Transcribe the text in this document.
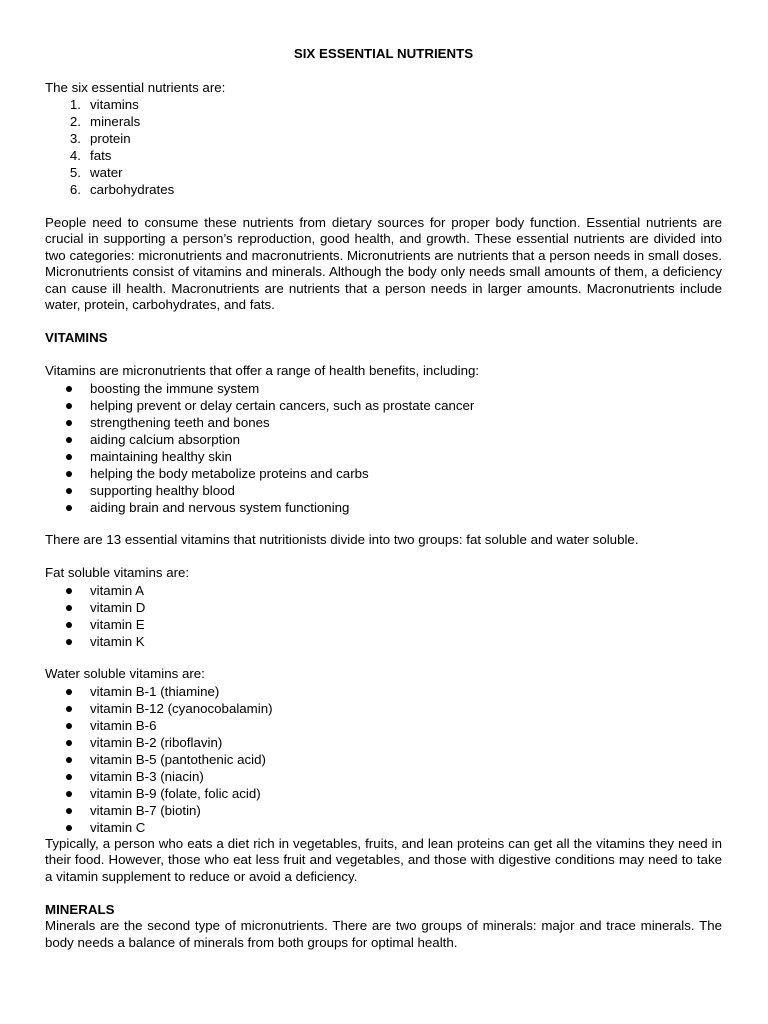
SIX ESSENTIAL NUTRIENTS

The six essential nutrients are:

1. vitamins
2. minerals
3. protein
4. fats
5. water
6. carbohydrates

People need to consume these nutrients from dietary sources for proper body function. Essential nutrients are crucial in supporting a person’s reproduction, good health, and growth. These essential nutrients are divided into two categories: micronutrients and macronutrients. Micronutrients are nutrients that a person needs in small doses. Micronutrients consist of vitamins and minerals. Although the body only needs small amounts of them, a deficiency can cause ill health. Macronutrients are nutrients that a person needs in larger amounts. Macronutrients include water, protein, carbohydrates, and fats.

VITAMINS

Vitamins are micronutrients that offer a range of health benefits, including:

boosting the immune system
helping prevent or delay certain cancers, such as prostate cancer
strengthening teeth and bones
aiding calcium absorption
maintaining healthy skin
helping the body metabolize proteins and carbs
supporting healthy blood
aiding brain and nervous system functioning

There are 13 essential vitamins that nutritionists divide into two groups: fat soluble and water soluble.

Fat soluble vitamins are:

vitamin A
vitamin D
vitamin E
vitamin K

Water soluble vitamins are:

vitamin B-1 (thiamine)
vitamin B-12 (cyanocobalamin)
vitamin B-6
vitamin B-2 (riboflavin)
vitamin B-5 (pantothenic acid)
vitamin B-3 (niacin)
vitamin B-9 (folate, folic acid)
vitamin B-7 (biotin)
vitamin C

Typically, a person who eats a diet rich in vegetables, fruits, and lean proteins can get all the vitamins they need in their food. However, those who eat less fruit and vegetables, and those with digestive conditions may need to take a vitamin supplement to reduce or avoid a deficiency.

MINERALS

Minerals are the second type of micronutrients. There are two groups of minerals: major and trace minerals. The body needs a balance of minerals from both groups for optimal health.
